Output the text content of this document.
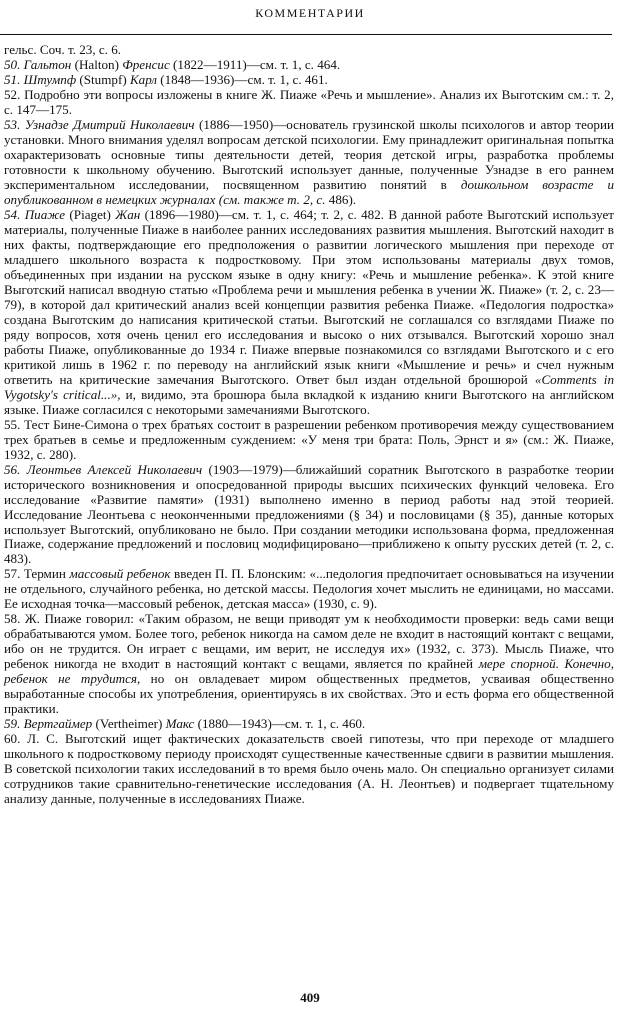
КОММЕНТАРИИ

гельс. Соч. т. 23, с. 6.

50. Гальтон (Halton) Френсис (1822—1911)—см. т. 1, с. 464.

51. Штумпф (Stumpf) Карл (1848—1936)—см. т. 1, с. 461.

52. Подробно эти вопросы изложены в книге Ж. Пиаже «Речь и мышление». Анализ их Выготским см.: т. 2, с. 147—175.

53. Узнадзе Дмитрий Николаевич (1886—1950)—основатель грузинской школы психологов и автор теории установки. Много внимания уделял вопросам детской психологии. Ему принадлежит оригинальная попытка охарактеризовать основные типы деятельности детей, теория детской игры, разработка проблемы готовности к школьному обучению. Выготский использует данные, полученные Узнадзе в его раннем экспериментальном исследовании, посвященном развитию понятий в дошкольном возрасте и опубликованном в немецких журналах (см. также т. 2, с. 486).

54. Пиаже (Piaget) Жан (1896—1980)—см. т. 1, с. 464; т. 2, с. 482. В данной работе Выготский использует материалы, полученные Пиаже в наиболее ранних исследованиях развития мышления. Выготский находит в них факты, подтверждающие его предположения о развитии логического мышления при переходе от младшего школьного возраста к подростковому. При этом использованы материалы двух томов, объединенных при издании на русском языке в одну книгу: «Речь и мышление ребенка». К этой книге Выготский написал вводную статью «Проблема речи и мышления ребенка в учении Ж. Пиаже» (т. 2, с. 23—79), в которой дал критический анализ всей концепции развития ребенка Пиаже. «Педология подростка» создана Выготским до написания критической статьи. Выготский не соглашался со взглядами Пиаже по ряду вопросов, хотя очень ценил его исследования и высоко о них отзывался. Выготский хорошо знал работы Пиаже, опубликованные до 1934 г. Пиаже впервые познакомился со взглядами Выготского и с его критикой лишь в 1962 г. по переводу на английский язык книги «Мышление и речь» и счел нужным ответить на критические замечания Выготского. Ответ был издан отдельной брошюрой «Comments in Vygotsky's critical...», и, видимо, эта брошюра была вкладкой к изданию книги Выготского на английском языке. Пиаже согласился с некоторыми замечаниями Выготского.

55. Тест Бине-Симона о трех братьях состоит в разрешении ребенком противоречия между существованием трех братьев в семье и предложенным суждением: «У меня три брата: Поль, Эрнст и я» (см.: Ж. Пиаже, 1932, с. 280).

56. Леонтьев Алексей Николаевич (1903—1979)—ближайший соратник Выготского в разработке теории исторического возникновения и опосредованной природы высших психических функций человека. Его исследование «Развитие памяти» (1931) выполнено именно в период работы над этой теорией. Исследование Леонтьева с неоконченными предложениями (§ 34) и пословицами (§ 35), данные которых использует Выготский, опубликовано не было. При создании методики использована форма, предложенная Пиаже, содержание предложений и пословиц модифицировано—приближено к опыту русских детей (т. 2, с. 483).

57. Термин массовый ребенок введен П. П. Блонским: «...педология предпочитает основываться на изучении не отдельного, случайного ребенка, но детской массы. Педология хочет мыслить не единицами, но массами. Ее исходная точка—массовый ребенок, детская масса» (1930, с. 9).

58. Ж. Пиаже говорил: «Таким образом, не вещи приводят ум к необходимости проверки: ведь сами вещи обрабатываются умом. Более того, ребенок никогда на самом деле не входит в настоящий контакт с вещами, ибо он не трудится. Он играет с вещами, им верит, не исследуя их» (1932, с. 373). Мысль Пиаже, что ребенок никогда не входит в настоящий контакт с вещами, является по крайней мере спорной. Конечно, ребенок не трудится, но он овладевает миром общественных предметов, усваивая общественно выработанные способы их употребления, ориентируясь в их свойствах. Это и есть форма его общественной практики.

59. Вертгаймер (Vertheimer) Макс (1880—1943)—см. т. 1, с. 460.

60. Л. С. Выготский ищет фактических доказательств своей гипотезы, что при переходе от младшего школьного к подростковому периоду происходят существенные качественные сдвиги в развитии мышления. В советской психологии таких исследований в то время было очень мало. Он специально организует силами сотрудников такие сравнительно-генетические исследования (А. Н. Леонтьев) и подвергает тщательному анализу данные, полученные в исследованиях Пиаже.

409
